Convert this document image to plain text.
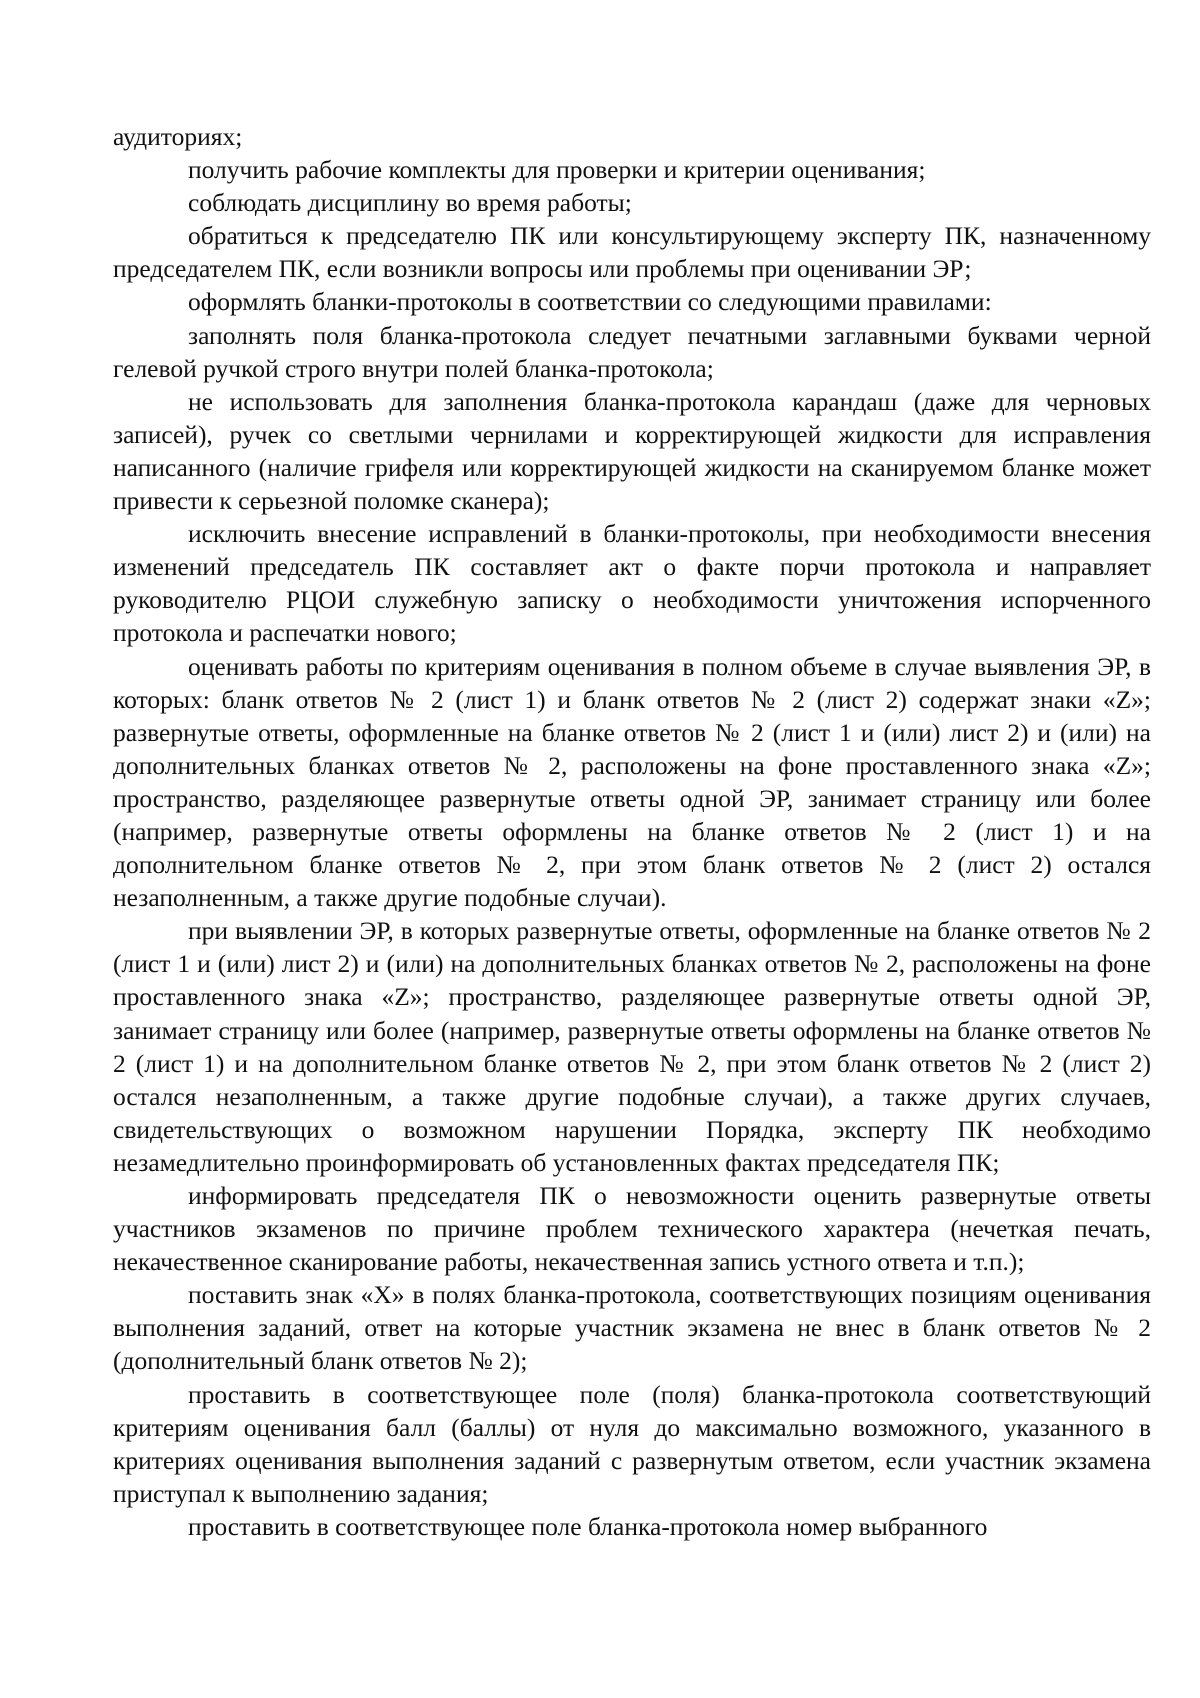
аудиториях;

получить рабочие комплекты для проверки и критерии оценивания;

соблюдать дисциплину во время работы;

обратиться к председателю ПК или консультирующему эксперту ПК, назначенному председателем ПК, если возникли вопросы или проблемы при оценивании ЭР;

оформлять бланки-протоколы в соответствии со следующими правилами:

заполнять поля бланка-протокола следует печатными заглавными буквами черной гелевой ручкой строго внутри полей бланка-протокола;

не использовать для заполнения бланка-протокола карандаш (даже для черновых записей), ручек со светлыми чернилами и корректирующей жидкости для исправления написанного (наличие грифеля или корректирующей жидкости на сканируемом бланке может привести к серьезной поломке сканера);

исключить внесение исправлений в бланки-протоколы, при необходимости внесения изменений председатель ПК составляет акт о факте порчи протокола и направляет руководителю РЦОИ служебную записку о необходимости уничтожения испорченного протокола и распечатки нового;

оценивать работы по критериям оценивания в полном объеме в случае выявления ЭР, в которых: бланк ответов № 2 (лист 1) и бланк ответов № 2 (лист 2) содержат знаки «Z»; развернутые ответы, оформленные на бланке ответов № 2 (лист 1 и (или) лист 2) и (или) на дополнительных бланках ответов № 2, расположены на фоне проставленного знака «Z»; пространство, разделяющее развернутые ответы одной ЭР, занимает страницу или более (например, развернутые ответы оформлены на бланке ответов № 2 (лист 1) и на дополнительном бланке ответов № 2, при этом бланк ответов № 2 (лист 2) остался незаполненным, а также другие подобные случаи).

при выявлении ЭР, в которых развернутые ответы, оформленные на бланке ответов № 2 (лист 1 и (или) лист 2) и (или) на дополнительных бланках ответов № 2, расположены на фоне проставленного знака «Z»; пространство, разделяющее развернутые ответы одной ЭР, занимает страницу или более (например, развернутые ответы оформлены на бланке ответов № 2 (лист 1) и на дополнительном бланке ответов № 2, при этом бланк ответов № 2 (лист 2) остался незаполненным, а также другие подобные случаи), а также других случаев, свидетельствующих о возможном нарушении Порядка, эксперту ПК необходимо незамедлительно проинформировать об установленных фактах председателя ПК;

информировать председателя ПК о невозможности оценить развернутые ответы участников экзаменов по причине проблем технического характера (нечеткая печать, некачественное сканирование работы, некачественная запись устного ответа и т.п.);

поставить знак «X» в полях бланка-протокола, соответствующих позициям оценивания выполнения заданий, ответ на которые участник экзамена не внес в бланк ответов № 2 (дополнительный бланк ответов № 2);

проставить в соответствующее поле (поля) бланка-протокола соответствующий критериям оценивания балл (баллы) от нуля до максимально возможного, указанного в критериях оценивания выполнения заданий с развернутым ответом, если участник экзамена приступал к выполнению задания;

проставить в соответствующее поле бланка-протокола номер выбранного
